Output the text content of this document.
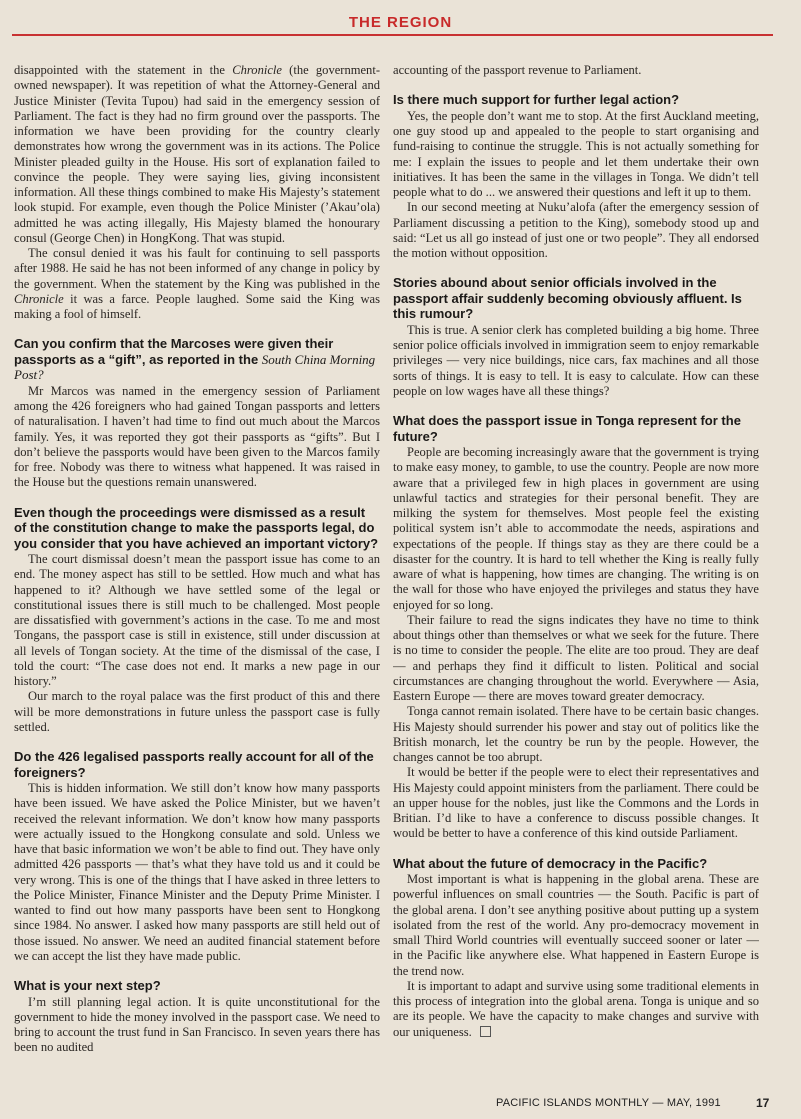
THE REGION

disappointed with the statement in the Chronicle (the government-owned newspaper). It was repetition of what the Attorney-General and Justice Minister (Tevita Tupou) had said in the emergency session of Parliament. The fact is they had no firm ground over the passports. The information we have been providing for the country clearly demonstrates how wrong the government was in its actions. The Police Minister pleaded guilty in the House. His sort of explanation failed to convince the people. They were saying lies, giving inconsistent information. All these things combined to make His Majesty’s statement look stupid. For example, even though the Police Minister (’Akau’ola) admitted he was acting illegally, His Majesty blamed the honourary consul (George Chen) in HongKong. That was stupid.

The consul denied it was his fault for continuing to sell passports after 1988. He said he has not been informed of any change in policy by the government. When the statement by the King was published in the Chronicle it was a farce. People laughed. Some said the King was making a fool of himself.

Can you confirm that the Marcoses were given their passports as a “gift”, as reported in the South China Morning Post?

Mr Marcos was named in the emergency session of Parliament among the 426 foreigners who had gained Tongan passports and letters of naturalisation. I haven’t had time to find out much about the Marcos family. Yes, it was reported they got their passports as “gifts”. But I don’t believe the passports would have been given to the Marcos family for free. Nobody was there to witness what happened. It was raised in the House but the questions remain unanswered.

Even though the proceedings were dismissed as a result of the constitution change to make the passports legal, do you consider that you have achieved an important victory?

The court dismissal doesn’t mean the passport issue has come to an end. The money aspect has still to be settled. How much and what has happened to it? Although we have settled some of the legal or constitutional issues there is still much to be challenged. Most people are dissatisfied with government’s actions in the case. To me and most Tongans, the passport case is still in existence, still under discussion at all levels of Tongan society. At the time of the dismissal of the case, I told the court: “The case does not end. It marks a new page in our history.”

Our march to the royal palace was the first product of this and there will be more demonstrations in future unless the passport case is fully settled.

Do the 426 legalised passports really account for all of the foreigners?

This is hidden information. We still don’t know how many passports have been issued. We have asked the Police Minister, but we haven’t received the relevant information. We don’t know how many passports were actually issued to the Hongkong consulate and sold. Unless we have that basic information we won’t be able to find out. They have only admitted 426 passports — that’s what they have told us and it could be very wrong. This is one of the things that I have asked in three letters to the Police Minister, Finance Minister and the Deputy Prime Minister. I wanted to find out how many passports have been sent to Hongkong since 1984. No answer. I asked how many passports are still held out of those issued. No answer. We need an audited financial statement before we can accept the list they have made public.

What is your next step?

I’m still planning legal action. It is quite unconstitutional for the government to hide the money involved in the passport case. We need to bring to account the trust fund in San Francisco. In seven years there has been no audited

accounting of the passport revenue to Parliament.

Is there much support for further legal action?

Yes, the people don’t want me to stop. At the first Auckland meeting, one guy stood up and appealed to the people to start organising and fund-raising to continue the struggle. This is not actually something for me: I explain the issues to people and let them undertake their own initiatives. It has been the same in the villages in Tonga. We didn’t tell people what to do ... we answered their questions and left it up to them.

In our second meeting at Nuku’alofa (after the emergency session of Parliament discussing a petition to the King), somebody stood up and said: “Let us all go instead of just one or two people”. They all endorsed the motion without opposition.

Stories abound about senior officials involved in the passport affair suddenly becoming obviously affluent. Is this rumour?

This is true. A senior clerk has completed building a big home. Three senior police officials involved in immigration seem to enjoy remarkable privileges — very nice buildings, nice cars, fax machines and all those sorts of things. It is easy to tell. It is easy to calculate. How can these people on low wages have all these things?

What does the passport issue in Tonga represent for the future?

People are becoming increasingly aware that the government is trying to make easy money, to gamble, to use the country. People are now more aware that a privileged few in high places in government are using unlawful tactics and strategies for their personal benefit. They are milking the system for themselves. Most people feel the existing political system isn’t able to accommodate the needs, aspirations and expectations of the people. If things stay as they are there could be a disaster for the country. It is hard to tell whether the King is really fully aware of what is happening, how times are changing. The writing is on the wall for those who have enjoyed the privileges and status they have enjoyed for so long.

Their failure to read the signs indicates they have no time to think about things other than themselves or what we seek for the future. There is no time to consider the people. The elite are too proud. They are deaf — and perhaps they find it difficult to listen. Political and social circumstances are changing throughout the world. Everywhere — Asia, Eastern Europe — there are moves toward greater democracy.

Tonga cannot remain isolated. There have to be certain basic changes. His Majesty should surrender his power and stay out of politics like the British monarch, let the country be run by the people. However, the changes cannot be too abrupt.

It would be better if the people were to elect their representatives and His Majesty could appoint ministers from the parliament. There could be an upper house for the nobles, just like the Commons and the Lords in Britian. I’d like to have a conference to discuss possible changes. It would be better to have a conference of this kind outside Parliament.

What about the future of democracy in the Pacific?

Most important is what is happening in the global arena. These are powerful influences on small countries — the South. Pacific is part of the global arena. I don’t see anything positive about putting up a system isolated from the rest of the world. Any pro-democracy movement in small Third World countries will eventually succeed sooner or later — in the Pacific like anywhere else. What happened in Eastern Europe is the trend now.

It is important to adapt and survive using some traditional elements in this process of integration into the global arena. Tonga is unique and so are its people. We have the capacity to make changes and survive with our uniqueness.

PACIFIC ISLANDS MONTHLY — MAY, 1991	17
